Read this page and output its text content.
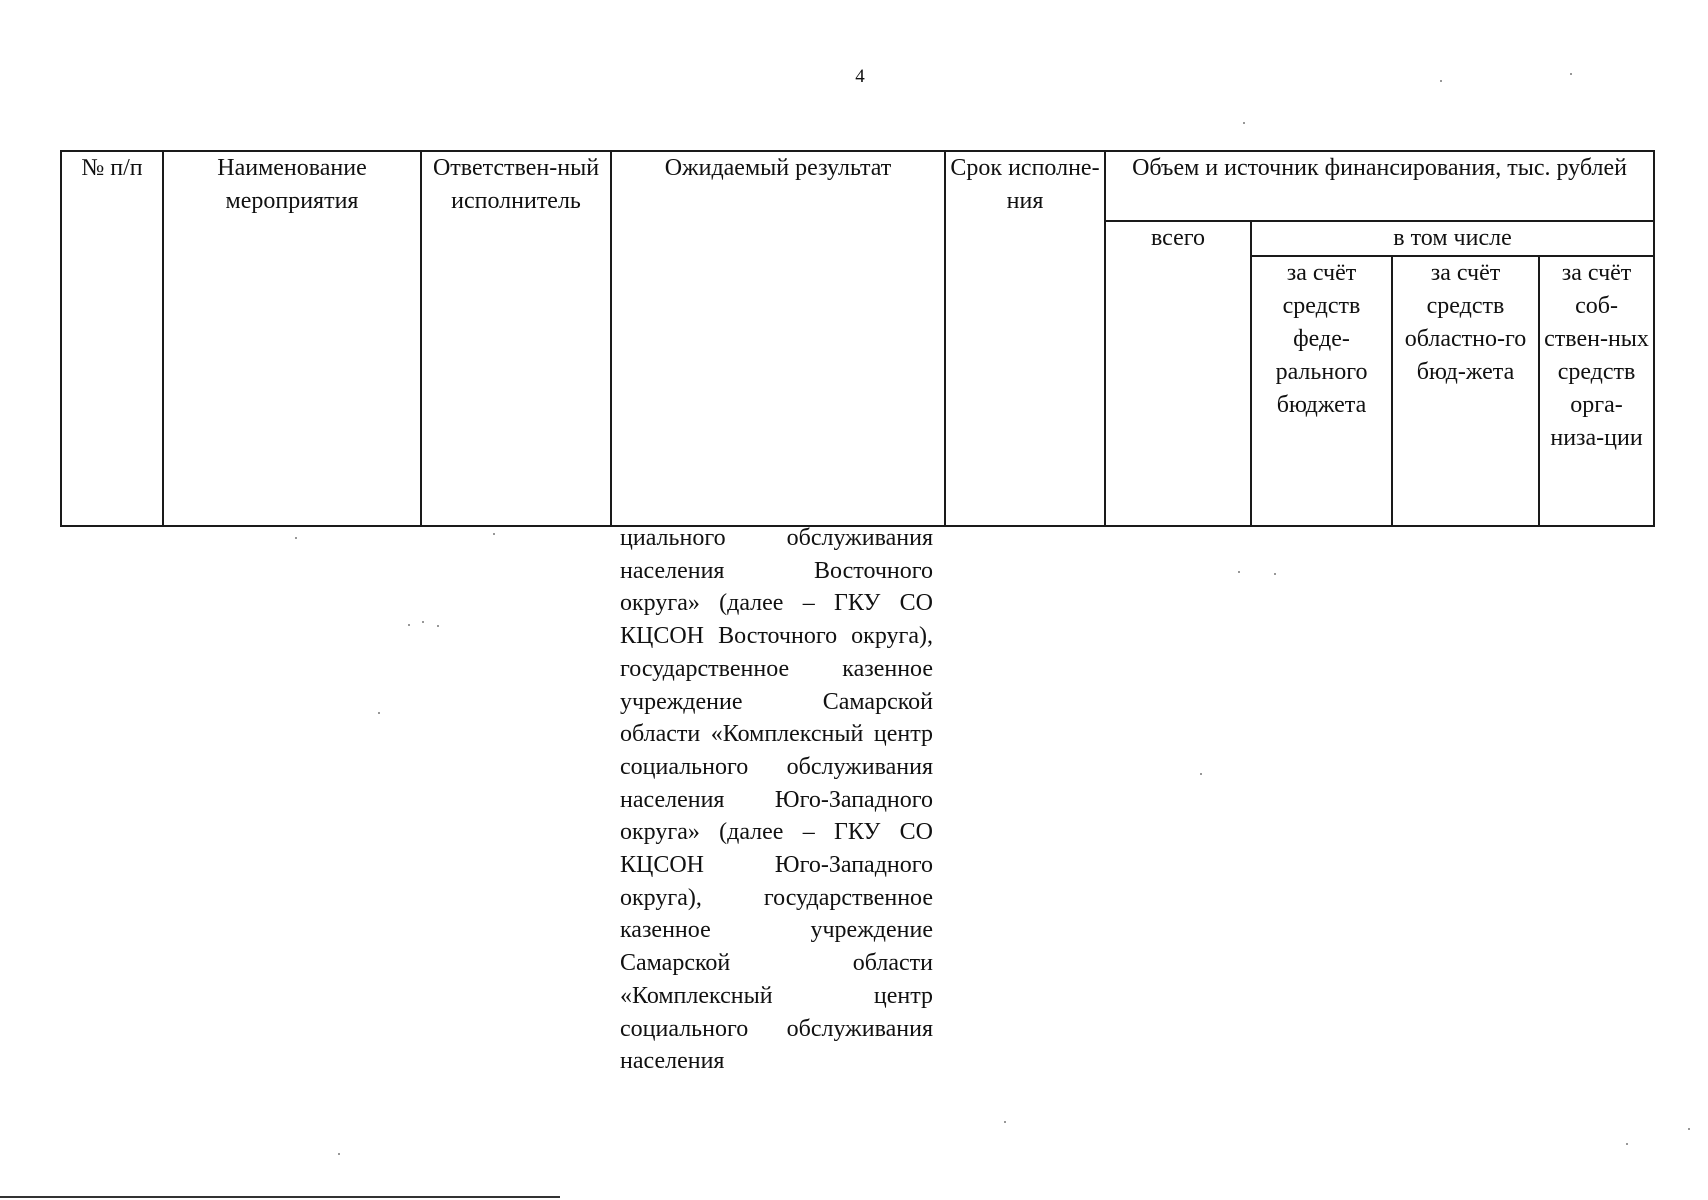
4
№ п/п	Наименование мероприятия	Ответствен-ный исполнитель	Ожидаемый результат	Срок исполне-ния	Объем и источник финансирования, тыс. рублей			
					всего	в том числе		
						за счёт средств феде-рального бюджета	за счёт средств областно-го бюд-жета	за счёт соб-ствен-ных средств орга-низа-ции
циального обслуживания населения Восточного округа» (далее – ГКУ СО КЦСОН Восточного округа), государственное казенное учреждение Самарской области «Комплексный центр социального обслуживания населения Юго-Западного округа» (далее – ГКУ СО КЦСОН Юго-Западного округа), государственное казенное учреждение Самарской области «Комплексный центр социального обслуживания населения
